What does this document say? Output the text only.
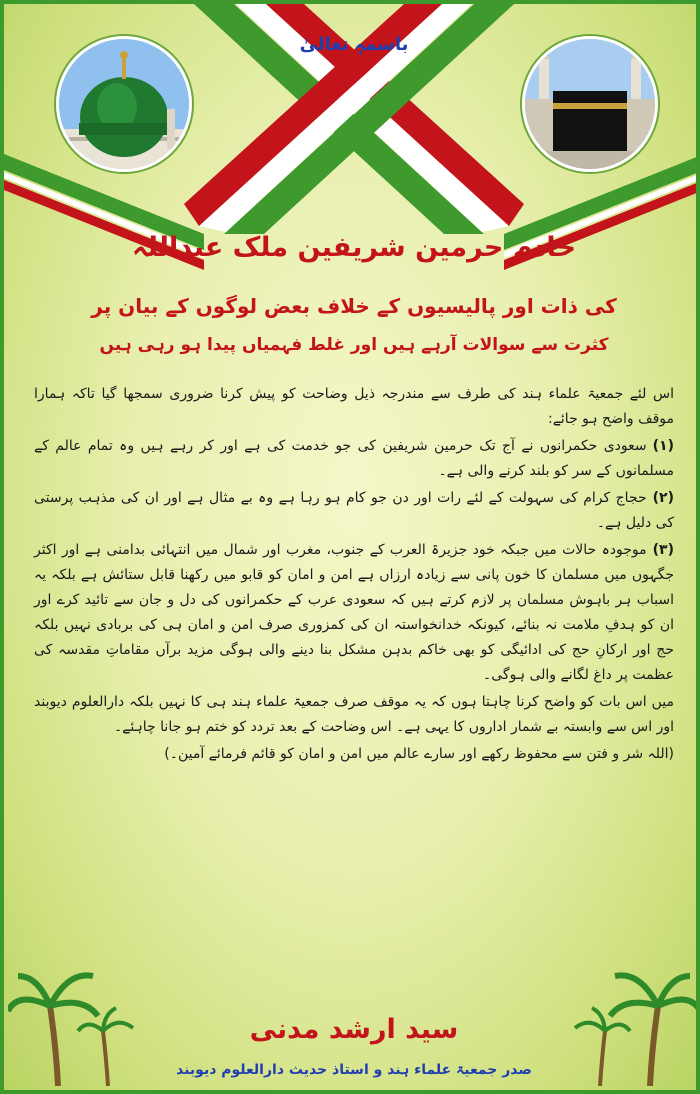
باسمہٖ تعالیٰ
خادم حرمین شریفین ملک عبداللہ
کی ذات اور پالیسیوں کے خلاف بعض لوگوں کے بیان پر
کثرت سے سوالات آرہے ہیں اور غلط فہمیاں پیدا ہو رہی ہیں

اس لئے جمعیۃ علماء ہند کی طرف سے مندرجہ ذیل وضاحت کو پیش کرنا ضروری سمجھا گیا تاکہ ہمارا موقف واضح ہو جائے:

(۱)سعودی حکمرانوں نے آج تک حرمین شریفین کی جو خدمت کی ہے اور کر رہے ہیں وہ تمام عالم کے مسلمانوں کے سر کو بلند کرنے والی ہے۔

(۲)حجاج کرام کی سہولت کے لئے رات اور دن جو کام ہو رہا ہے وہ بے مثال ہے اور ان کی مذہب پرستی کی دلیل ہے۔

(۳)موجودہ حالات میں جبکہ خود جزیرۃ العرب کے جنوب، مغرب اور شمال میں انتہائی بدامنی ہے اور اکثر جگہوں میں مسلمان کا خون پانی سے زیادہ ارزاں ہے امن و امان کو قابو میں رکھنا قابل ستائش ہے بلکہ یہ اسباب ہر باہوش مسلمان پر لازم کرتے ہیں کہ سعودی عرب کے حکمرانوں کی دل و جان سے تائید کرے اور ان کو ہدفِ ملامت نہ بنائے، کیونکہ خدانخواستہ ان کی کمزوری صرف امن و امان ہی کی بربادی نہیں بلکہ حج اور ارکانِ حج کی ادائیگی کو بھی خاکم بدہن مشکل بنا دینے والی ہوگی مزید برآں مقاماتِ مقدسہ کی عظمت پر داغ لگانے والی ہوگی۔

میں اس بات کو واضح کرنا چاہتا ہوں کہ یہ موقف صرف جمعیۃ علماء ہند ہی کا نہیں بلکہ دارالعلوم دیوبند اور اس سے وابستہ بے شمار اداروں کا یہی ہے۔ اس وضاحت کے بعد تردد کو ختم ہو جانا چاہئے۔

(اللہ شر و فتن سے محفوظ رکھے اور سارے عالم میں امن و امان کو قائم فرمائے آمین۔)

سید ارشد مدنی
صدر جمعیۃ علماء ہند و استاذ حدیث دارالعلوم دیوبند
